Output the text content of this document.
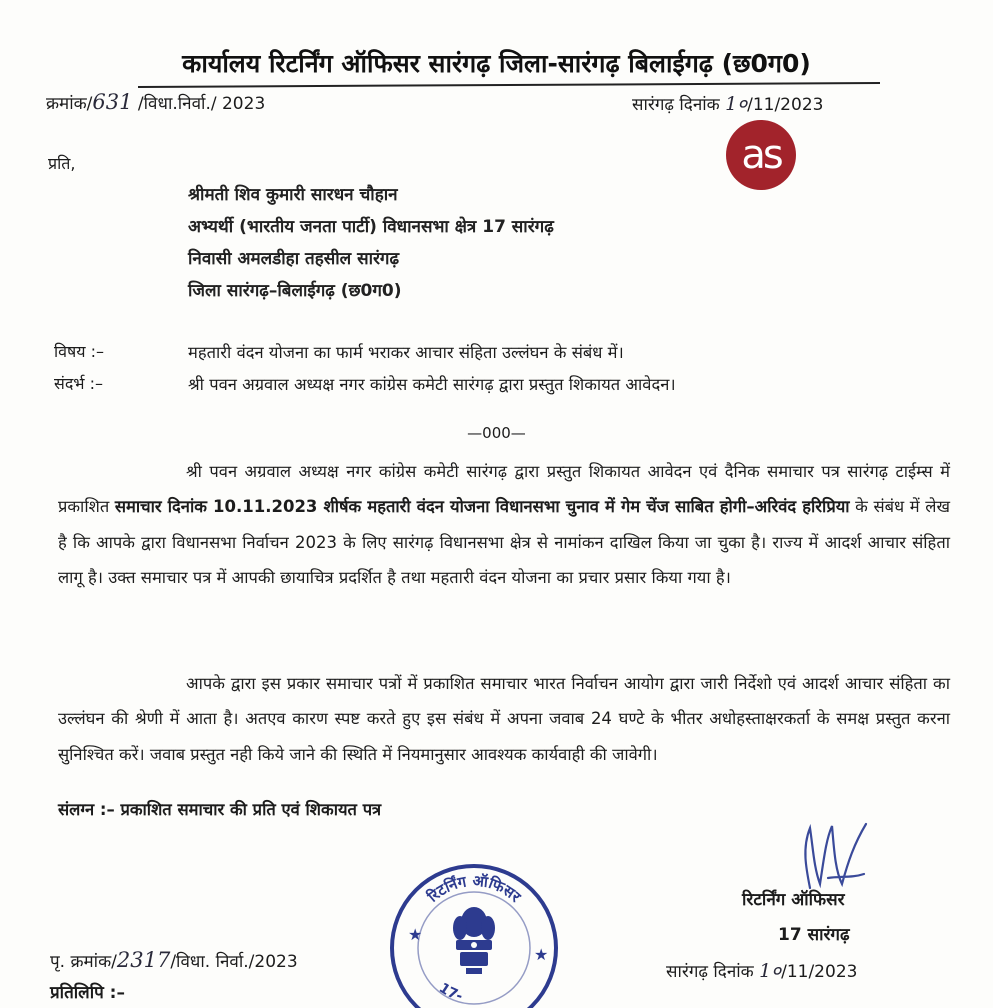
कार्यालय रिटर्निंग ऑफिसर सारंगढ़ जिला-सारंगढ़ बिलाईगढ़ (छ0ग0)
क्रमांक/631 /विधा.निर्वा./ 2023	सारंगढ़ दिनांक 1०/11/2023
as
प्रति,
श्रीमती शिव कुमारी सारधन चौहान
अभ्यर्थी (भारतीय जनता पार्टी) विधानसभा क्षेत्र 17 सारंगढ़
निवासी अमलडीहा तहसील सारंगढ़
जिला सारंगढ़–बिलाईगढ़ (छ0ग0)
विषय :–	महतारी वंदन योजना का फार्म भराकर आचार संहिता उल्लंघन के संबंध में।
संदर्भ :–	श्री पवन अग्रवाल अध्यक्ष नगर कांग्रेस कमेटी सारंगढ़ द्वारा प्रस्तुत शिकायत आवेदन।
—000—
श्री पवन अग्रवाल अध्यक्ष नगर कांग्रेस कमेटी सारंगढ़ द्वारा प्रस्तुत शिकायत आवेदन एवं दैनिक समाचार पत्र सारंगढ़ टाईम्स में प्रकाशित समाचार दिनांक 10.11.2023 शीर्षक महतारी वंदन योजना विधानसभा चुनाव में गेम चेंज साबित होगी–अरिवंद हरिप्रिया के संबंध में लेख है कि आपके द्वारा विधानसभा निर्वाचन 2023 के लिए सारंगढ़ विधानसभा क्षेत्र से नामांकन दाखिल किया जा चुका है। राज्य में आदर्श आचार संहिता लागू है। उक्त समाचार पत्र में आपकी छायाचित्र प्रदर्शित है तथा महतारी वंदन योजना का प्रचार प्रसार किया गया है।
आपके द्वारा इस प्रकार समाचार पत्रों में प्रकाशित समाचार भारत निर्वाचन आयोग द्वारा जारी निर्देशो एवं आदर्श आचार संहिता का उल्लंघन की श्रेणी में आता है। अतएव कारण स्पष्ट करते हुए इस संबंध में अपना जवाब 24 घण्टे के भीतर अधोहस्ताक्षरकर्ता के समक्ष प्रस्तुत करना सुनिश्चित करें। जवाब प्रस्तुत नही किये जाने की स्थिति में नियमानुसार आवश्यक कार्यवाही की जावेगी।
संलग्न :– प्रकाशित समाचार की प्रति एवं शिकायत पत्र
रिटर्निंग ऑफिसर
17-
★
★
रिटर्निंग ऑफिसर
17 सारंगढ़
सारंगढ़ दिनांक 1०/11/2023
पृ. क्रमांक/2317/विधा. निर्वा./2023
प्रतिलिपि :–
